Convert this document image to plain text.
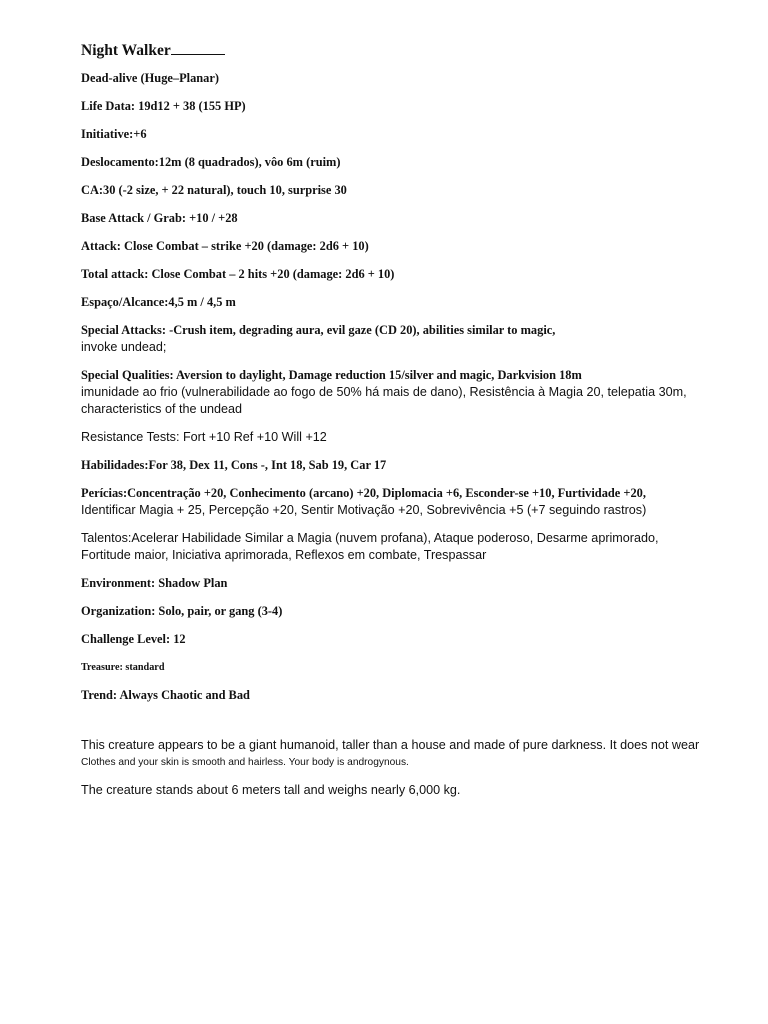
Night Walker
Dead-alive (Huge–Planar)
Life Data: 19d12 + 38 (155 HP)
Initiative:+6
Deslocamento:12m (8 quadrados), vôo 6m (ruim)
CA:30 (-2 size, + 22 natural), touch 10, surprise 30
Base Attack / Grab: +10 / +28
Attack: Close Combat – strike +20 (damage: 2d6 + 10)
Total attack: Close Combat – 2 hits +20 (damage: 2d6 + 10)
Espaço/Alcance:4,5 m / 4,5 m
Special Attacks: -Crush item, degrading aura, evil gaze (CD 20), abilities similar to magic,
invoke undead;
Special Qualities: Aversion to daylight, Damage reduction 15/silver and magic, Darkvision 18m
imunidade ao frio (vulnerabilidade ao fogo de 50% há mais de dano), Resistência à Magia 20, telepatia 30m,
characteristics of the undead
Resistance Tests: Fort +10 Ref +10 Will +12
Habilidades:For 38, Dex 11, Cons -, Int 18, Sab 19, Car 17
Perícias:Concentração +20, Conhecimento (arcano) +20, Diplomacia +6, Esconder-se +10, Furtividade +20,
Identificar Magia + 25, Percepção +20, Sentir Motivação +20, Sobrevivência +5 (+7 seguindo rastros)
Talentos:Acelerar Habilidade Similar a Magia (nuvem profana), Ataque poderoso, Desarme aprimorado,
Fortitude maior, Iniciativa aprimorada, Reflexos em combate, Trespassar
Environment: Shadow Plan
Organization: Solo, pair, or gang (3-4)
Challenge Level: 12
Treasure: standard
Trend: Always Chaotic and Bad
This creature appears to be a giant humanoid, taller than a house and made of pure darkness. It does not wear
Clothes and your skin is smooth and hairless. Your body is androgynous.
The creature stands about 6 meters tall and weighs nearly 6,000 kg.
